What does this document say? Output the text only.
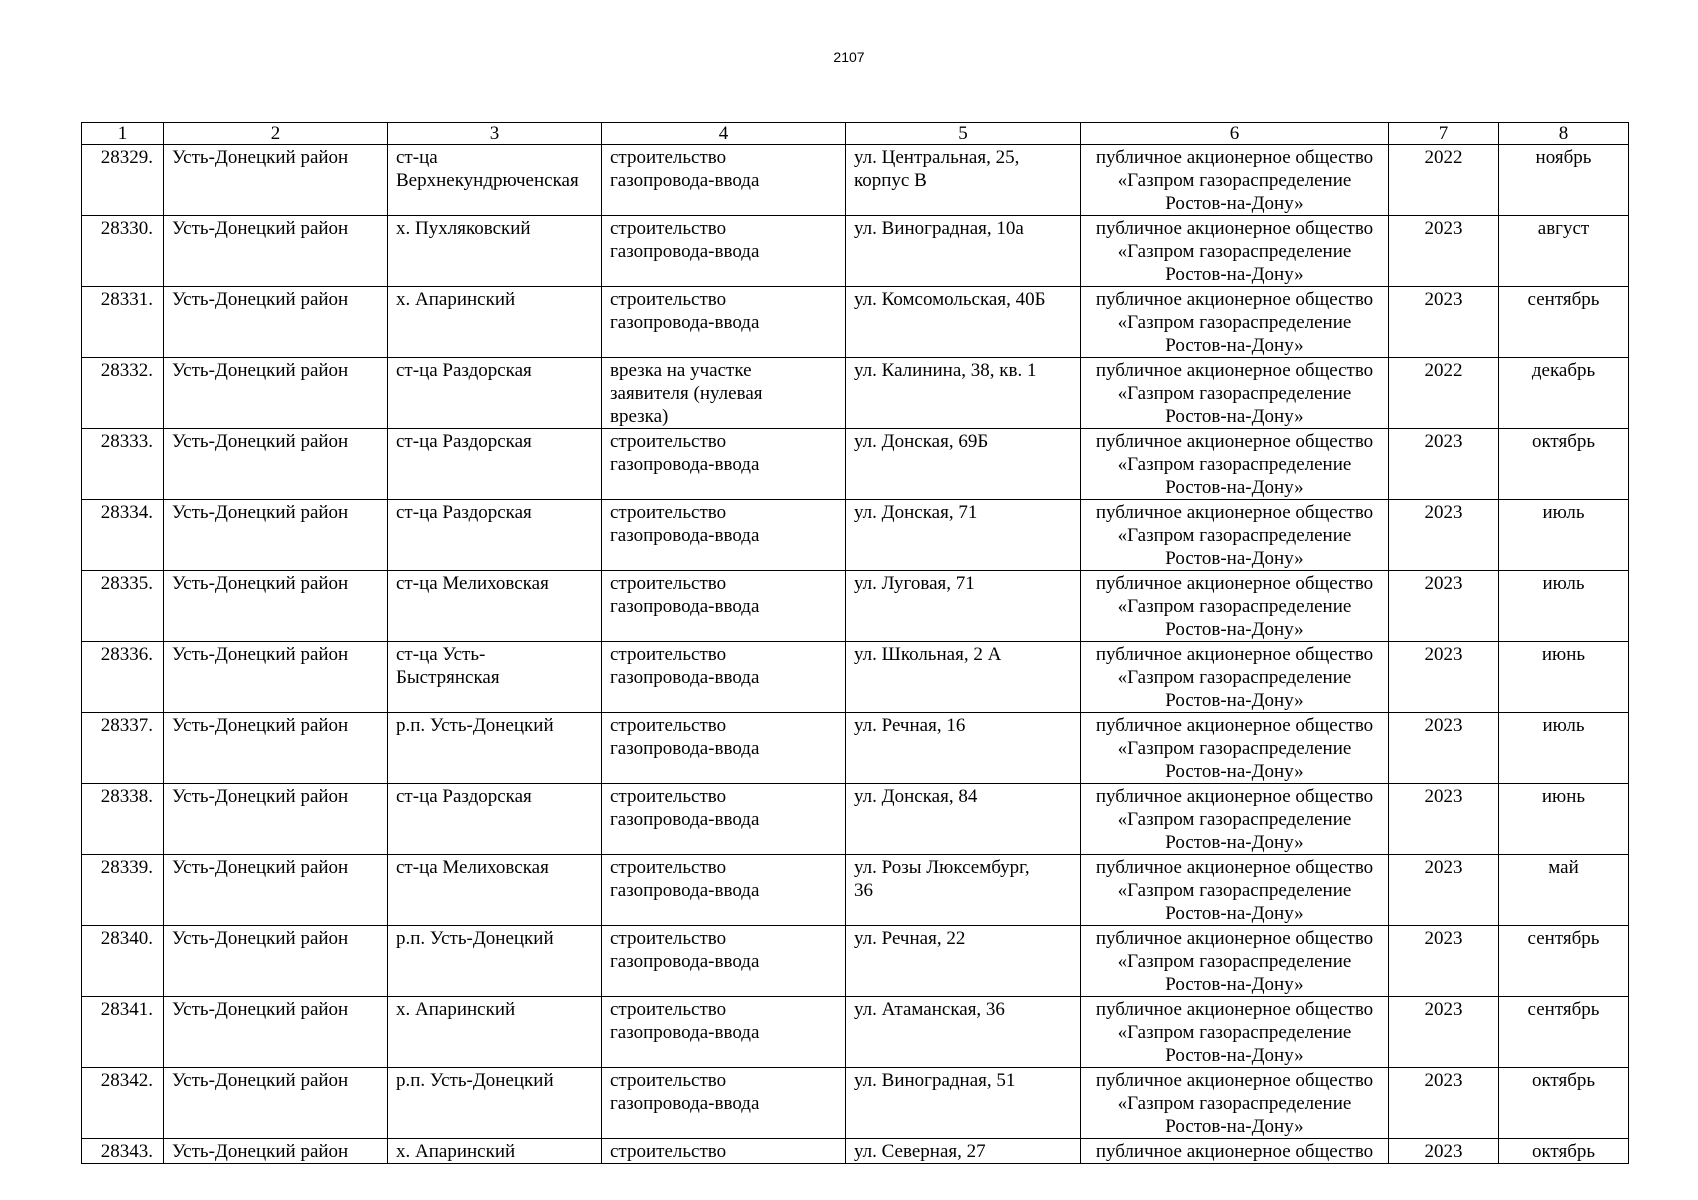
2107
1	2	3	4	5	6	7	8
28329.	Усть-Донецкий район	ст-ца
Верхнекундрюченская	строительство
газопровода-ввода	ул. Центральная, 25,
корпус В	публичное акционерное общество
«Газпром газораспределение
Ростов-на-Дону»	2022	ноябрь
28330.	Усть-Донецкий район	х. Пухляковский	строительство
газопровода-ввода	ул. Виноградная, 10а	публичное акционерное общество
«Газпром газораспределение
Ростов-на-Дону»	2023	август
28331.	Усть-Донецкий район	х. Апаринский	строительство
газопровода-ввода	ул. Комсомольская, 40Б	публичное акционерное общество
«Газпром газораспределение
Ростов-на-Дону»	2023	сентябрь
28332.	Усть-Донецкий район	ст-ца Раздорская	врезка на участке
заявителя (нулевая
врезка)	ул. Калинина, 38, кв. 1	публичное акционерное общество
«Газпром газораспределение
Ростов-на-Дону»	2022	декабрь
28333.	Усть-Донецкий район	ст-ца Раздорская	строительство
газопровода-ввода	ул. Донская, 69Б	публичное акционерное общество
«Газпром газораспределение
Ростов-на-Дону»	2023	октябрь
28334.	Усть-Донецкий район	ст-ца Раздорская	строительство
газопровода-ввода	ул. Донская, 71	публичное акционерное общество
«Газпром газораспределение
Ростов-на-Дону»	2023	июль
28335.	Усть-Донецкий район	ст-ца Мелиховская	строительство
газопровода-ввода	ул. Луговая, 71	публичное акционерное общество
«Газпром газораспределение
Ростов-на-Дону»	2023	июль
28336.	Усть-Донецкий район	ст-ца Усть-
Быстрянская	строительство
газопровода-ввода	ул. Школьная, 2 А	публичное акционерное общество
«Газпром газораспределение
Ростов-на-Дону»	2023	июнь
28337.	Усть-Донецкий район	р.п. Усть-Донецкий	строительство
газопровода-ввода	ул. Речная, 16	публичное акционерное общество
«Газпром газораспределение
Ростов-на-Дону»	2023	июль
28338.	Усть-Донецкий район	ст-ца Раздорская	строительство
газопровода-ввода	ул. Донская, 84	публичное акционерное общество
«Газпром газораспределение
Ростов-на-Дону»	2023	июнь
28339.	Усть-Донецкий район	ст-ца Мелиховская	строительство
газопровода-ввода	ул. Розы Люксембург,
36	публичное акционерное общество
«Газпром газораспределение
Ростов-на-Дону»	2023	май
28340.	Усть-Донецкий район	р.п. Усть-Донецкий	строительство
газопровода-ввода	ул. Речная, 22	публичное акционерное общество
«Газпром газораспределение
Ростов-на-Дону»	2023	сентябрь
28341.	Усть-Донецкий район	х. Апаринский	строительство
газопровода-ввода	ул. Атаманская, 36	публичное акционерное общество
«Газпром газораспределение
Ростов-на-Дону»	2023	сентябрь
28342.	Усть-Донецкий район	р.п. Усть-Донецкий	строительство
газопровода-ввода	ул. Виноградная, 51	публичное акционерное общество
«Газпром газораспределение
Ростов-на-Дону»	2023	октябрь
28343.	Усть-Донецкий район	х. Апаринский	строительство	ул. Северная, 27	публичное акционерное общество	2023	октябрь
